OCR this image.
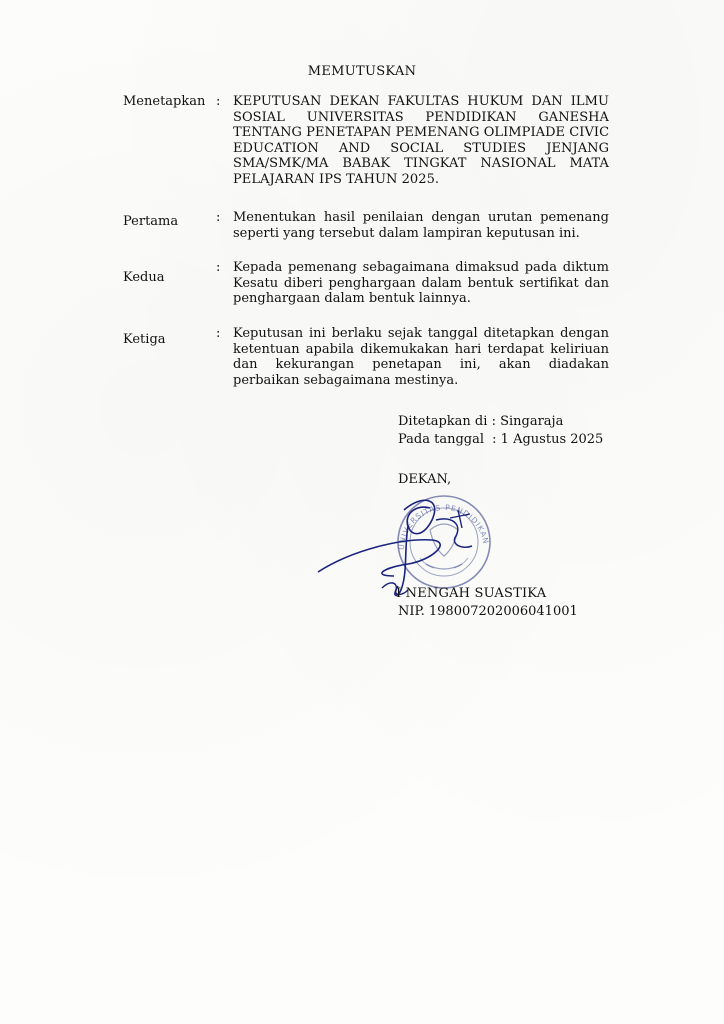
MEMUTUSKAN
Menetapkan : KEPUTUSAN DEKAN FAKULTAS HUKUM DAN ILMU
SOSIAL UNIVERSITAS PENDIDIKAN GANESHA
TENTANG PENETAPAN PEMENANG OLIMPIADE CIVIC
EDUCATION AND SOCIAL STUDIES JENJANG
SMA/SMK/MA BABAK TINGKAT NASIONAL MATA
PELAJARAN IPS TAHUN 2025.
Pertama	: Menentukan hasil penilaian dengan urutan pemenang
seperti yang tersebut dalam lampiran keputusan ini.
Kedua
: Kepada pemenang sebagaimana dimaksud pada diktum
Kesatu diberi penghargaan dalam bentuk sertifikat dan
penghargaan dalam bentuk lainnya.
Ketiga	: Keputusan ini berlaku sejak tanggal ditetapkan dengan
ketentuan apabila dikemukakan hari terdapat keliriuan
dan kekurangan penetapan ini, akan diadakan
perbaikan sebagaimana mestinya.
Ditetapkan di : Singaraja
Pada tanggal : 1 Agustus 2025
DEKAN,
UNIVERSITAS PENDIDIKAN
I NENGAH SUASTIKA
NIP. 198007202006041001
